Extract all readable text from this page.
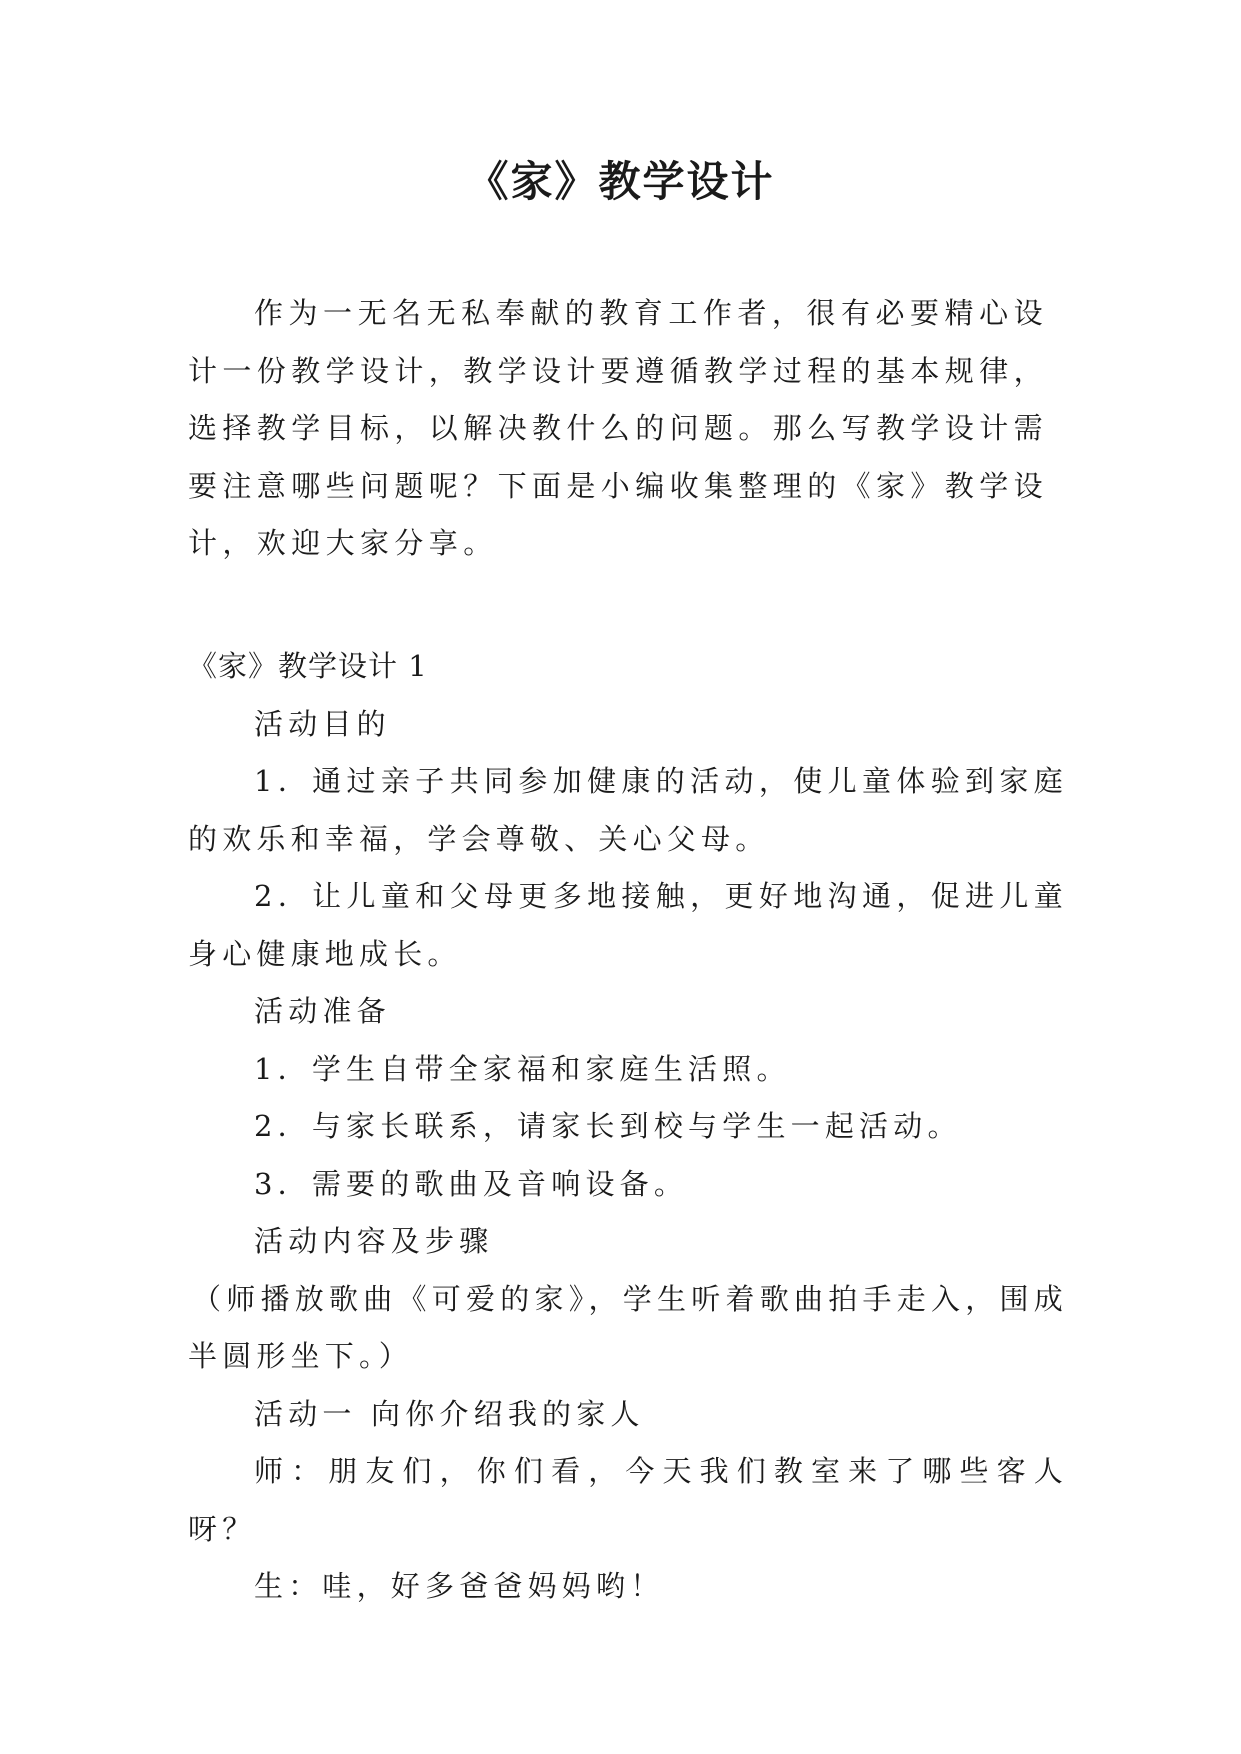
《家》教学设计

作为一无名无私奉献的教育工作者，很有必要精心设计一份教学设计，教学设计要遵循教学过程的基本规律，选择教学目标，以解决教什么的问题。那么写教学设计需要注意哪些问题呢？下面是小编收集整理的《家》教学设计，欢迎大家分享。

《家》教学设计 1

活动目的

1．通过亲子共同参加健康的活动，使儿童体验到家庭的欢乐和幸福，学会尊敬、关心父母。

2．让儿童和父母更多地接触，更好地沟通，促进儿童身心健康地成长。

活动准备

1．学生自带全家福和家庭生活照。

2．与家长联系，请家长到校与学生一起活动。

3．需要的歌曲及音响设备。

活动内容及步骤

（师播放歌曲《可爱的家》，学生听着歌曲拍手走入，围成半圆形坐下。）

活动一 向你介绍我的家人

师：朋友们，你们看，今天我们教室来了哪些客人呀？

生：哇，好多爸爸妈妈哟！
